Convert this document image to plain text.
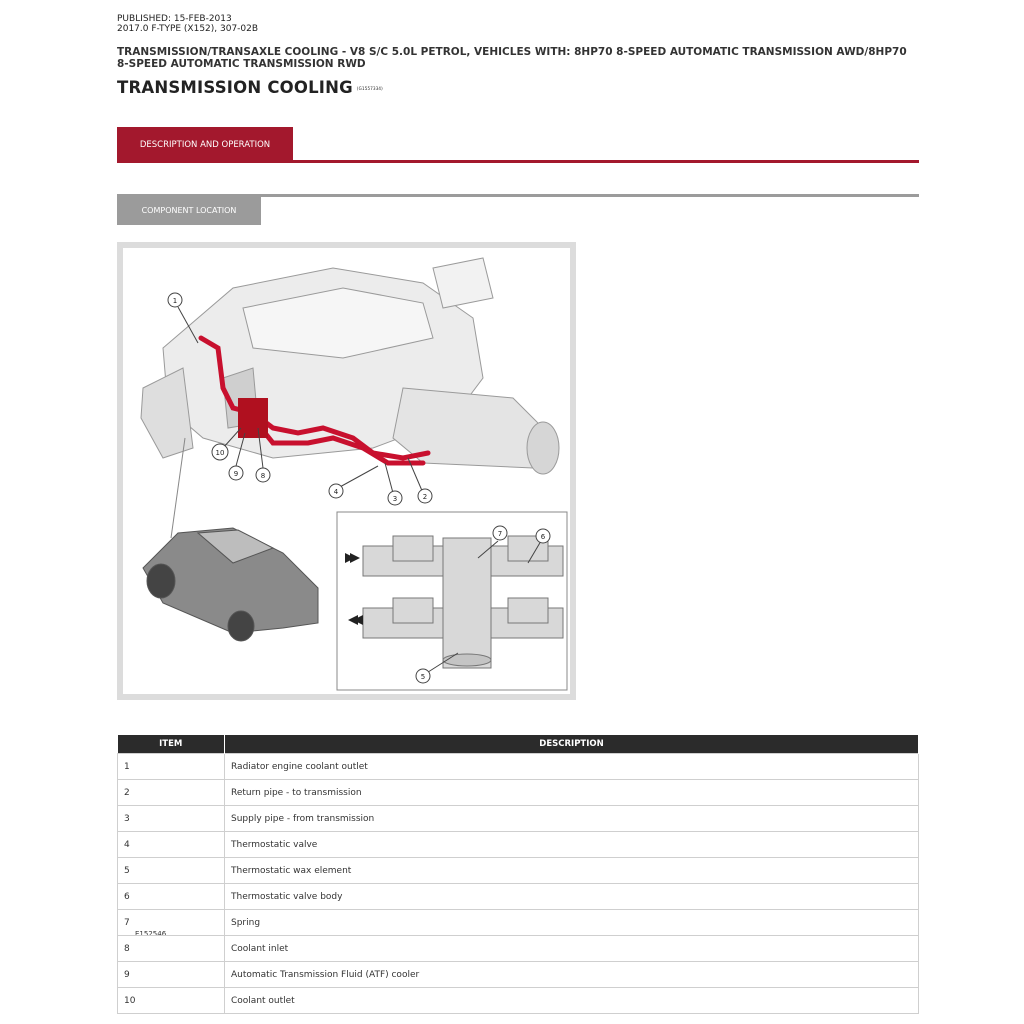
PUBLISHED: 15-FEB-2013
2017.0 F-TYPE (X152), 307-02B
TRANSMISSION/TRANSAXLE COOLING - V8 S/C 5.0L PETROL, VEHICLES WITH: 8HP70 8-SPEED AUTOMATIC TRANSMISSION AWD/8HP70 8-SPEED AUTOMATIC TRANSMISSION RWD
TRANSMISSION COOLING (G1557334)
DESCRIPTION AND OPERATION
COMPONENT LOCATION
E152546
1
2
3
4
5
6
7
8
9
10
ITEM	DESCRIPTION
1	Radiator engine coolant outlet
2	Return pipe - to transmission
3	Supply pipe - from transmission
4	Thermostatic valve
5	Thermostatic wax element
6	Thermostatic valve body
7	Spring
8	Coolant inlet
9	Automatic Transmission Fluid (ATF) cooler
10	Coolant outlet
